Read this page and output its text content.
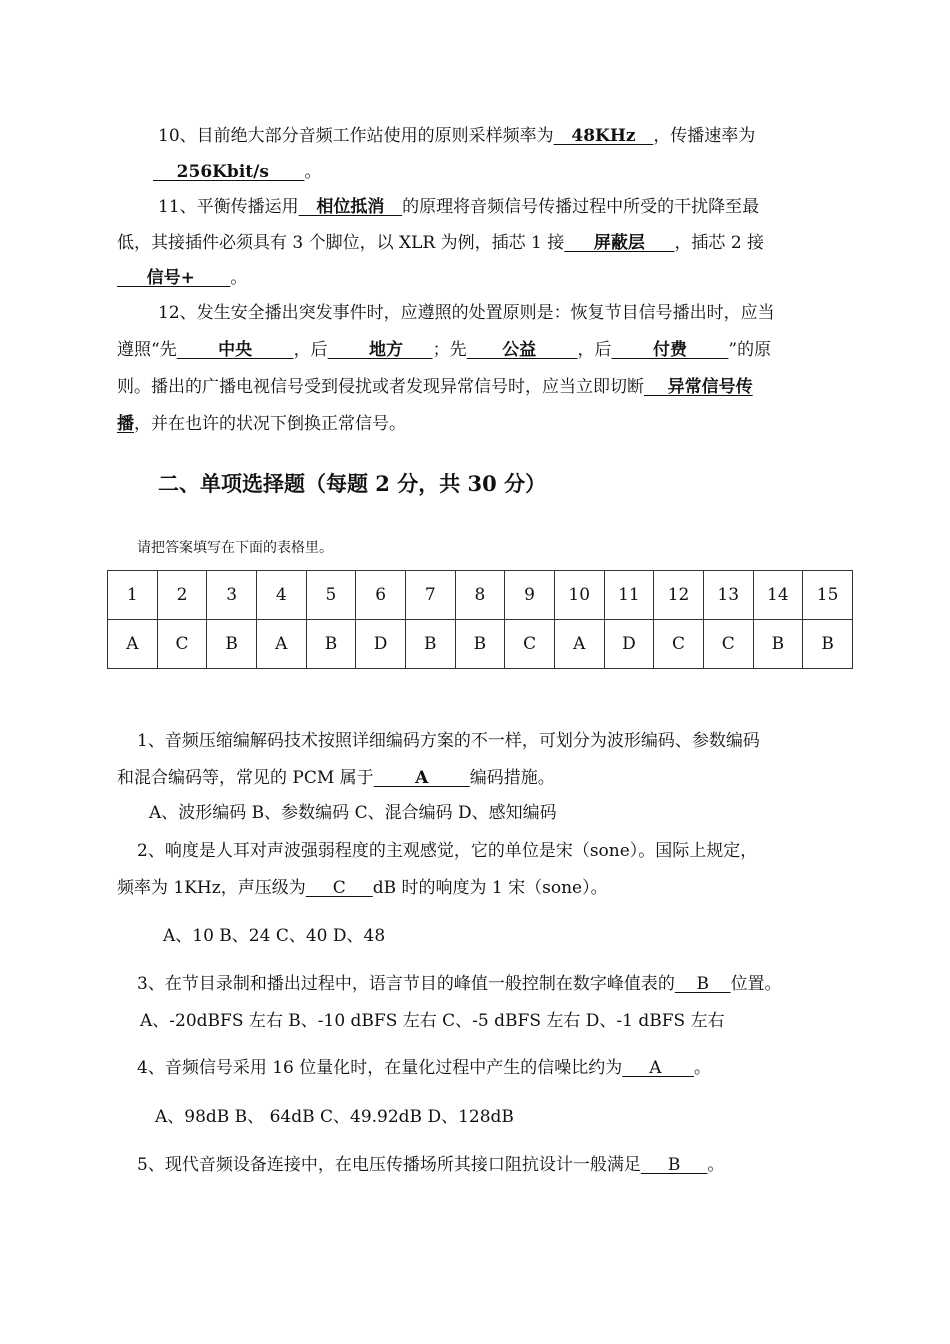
10、目前绝大部分音频工作站使用的原则采样频率为   48KHz   ，传播速率为
256Kbit/s      。
11、平衡传播运用   相位抵消   的原理将音频信号传播过程中所受的干扰降至最
低，其接插件必须具有 3 个脚位，以 XLR 为例，插芯 1 接     屏蔽层     ，插芯 2 接
信号+      。
12、发生安全播出突发事件时，应遵照的处置原则是：恢复节目信号播出时，应当
遵照“先       中央       ，后       地方     ；先      公益       ，后       付费       ”的原
则。播出的广播电视信号受到侵扰或者发现异常信号时，应当立即切断    异常信号传
播，并在也许的状况下倒换正常信号。
二、单项选择题（每题 2 分，共 30 分）
请把答案填写在下面的表格里。
1	2	3	4	5	6	7	8	9	10	11	12	13	14	15
A	C	B	A	B	D	B	B	C	A	D	C	C	B	B
1、音频压缩编解码技术按照详细编码方案的不一样，可划分为波形编码、参数编码
和混合编码等，常见的 PCM 属于       A       编码措施。
A、波形编码 B、参数编码 C、混合编码 D、感知编码
2、响度是人耳对声波强弱程度的主观感觉，它的单位是宋（sone）。国际上规定，
频率为 1KHz，声压级为     C     dB 时的响度为 1 宋（sone）。
A、10 B、24 C、40 D、48
3、在节目录制和播出过程中，语言节目的峰值一般控制在数字峰值表的    B    位置。
A、-20dBFS 左右 B、-10 dBFS 左右 C、-5 dBFS 左右 D、-1 dBFS 左右
4、音频信号采用 16 位量化时，在量化过程中产生的信噪比约为     A      。
A、98dB B、 64dB C、49.92dB D、128dB
5、现代音频设备连接中，在电压传播场所其接口阻抗设计一般满足     B     。
